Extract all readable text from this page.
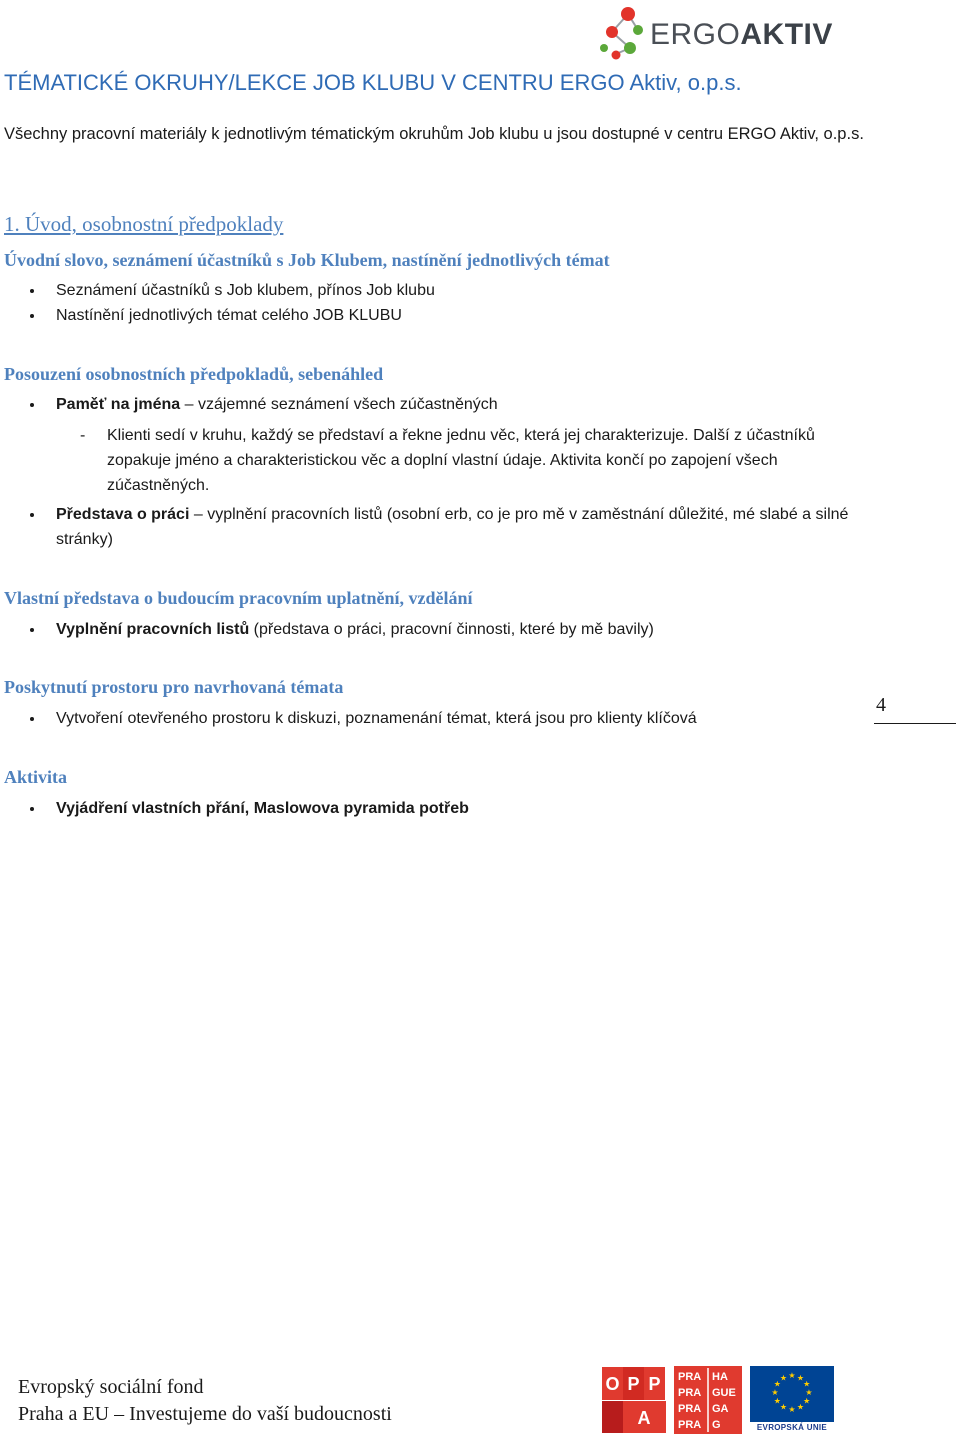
ERGOAKTIV
TÉMATICKÉ OKRUHY/LEKCE JOB KLUBU V CENTRU ERGO Aktiv, o.p.s.
Všechny pracovní materiály k jednotlivým tématickým okruhům Job klubu u jsou dostupné v centru ERGO Aktiv, o.p.s.
1. Úvod, osobnostní předpoklady
Úvodní slovo, seznámení účastníků s Job Klubem, nastínění jednotlivých témat
Seznámení účastníků s Job klubem, přínos Job klubu
Nastínění jednotlivých témat celého JOB KLUBU
Posouzení osobnostních předpokladů, sebenáhled
Paměť na jména – vzájemné seznámení všech zúčastněných
-	Klienti sedí v kruhu, každý se představí a řekne jednu věc, která jej charakterizuje. Další z účastníků zopakuje jméno a charakteristickou věc a doplní vlastní údaje. Aktivita končí po zapojení všech zúčastněných.
Představa o práci – vyplnění pracovních listů (osobní erb, co je pro mě v zaměstnání důležité, mé slabé a silné stránky)
Vlastní představa o budoucím pracovním uplatnění, vzdělání
Vyplnění pracovních listů (představa o práci, pracovní činnosti, které by mě bavily)
Poskytnutí prostoru pro navrhovaná témata
Vytvoření otevřeného prostoru k diskuzi, poznamenání témat, která jsou pro klienty klíčová
4
Aktivita
Vyjádření vlastních přání, Maslowova pyramida potřeb
Evropský sociální fond
Praha a EU – Investujeme do vaší budoucnosti
O P P
A
PRA HA
PRA GUE
PRA GA
PRA G
★ ★
★
★
★
★
★
★
★
★
★
★
EVROPSKÁ UNIE
